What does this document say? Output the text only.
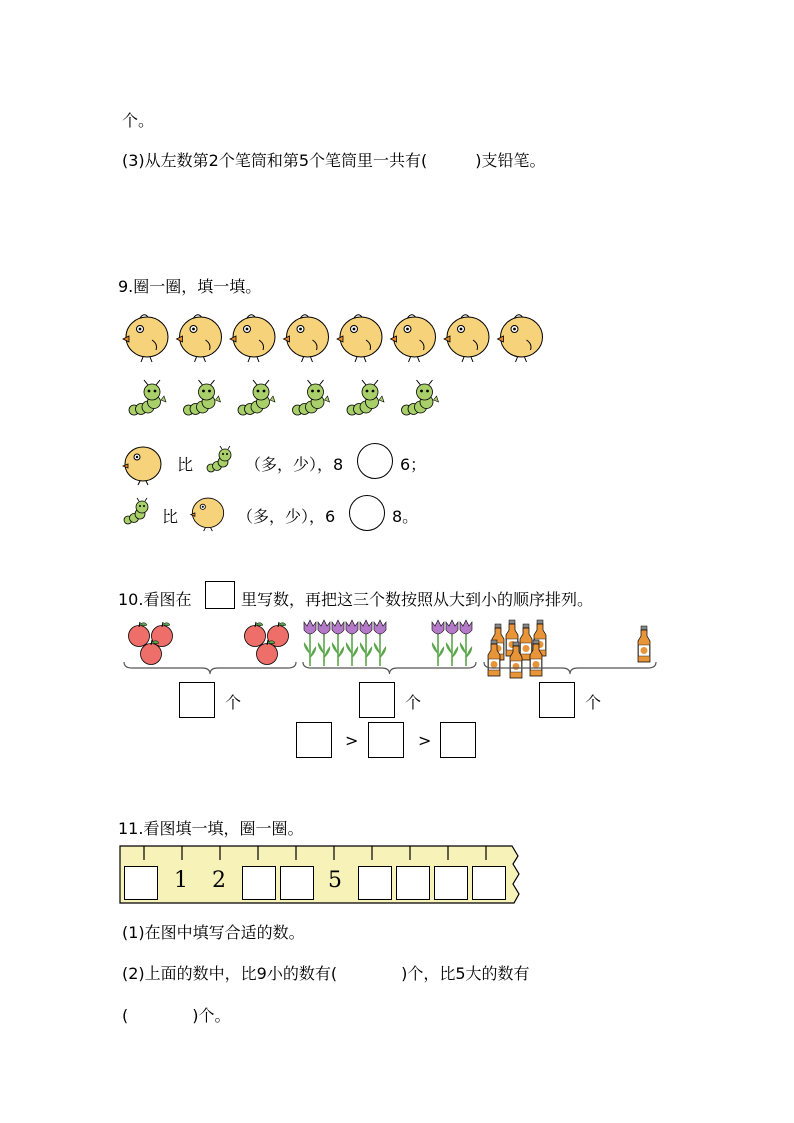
个。
(3)从左数第2个笔筒和第5个笔筒里一共有(　　　)支铅笔。
9.圈一圈，填一填。
比	（多，少），8	6；
比	（多，少），6	8。
10.看图在	里写数，再把这三个数按照从大到小的顺序排列。
个	个	个
>	>
11.看图填一填，圈一圈。
1 2	5
(1)在图中填写合适的数。
(2)上面的数中，比9小的数有(　　　　)个，比5大的数有
(　　　　)个。
